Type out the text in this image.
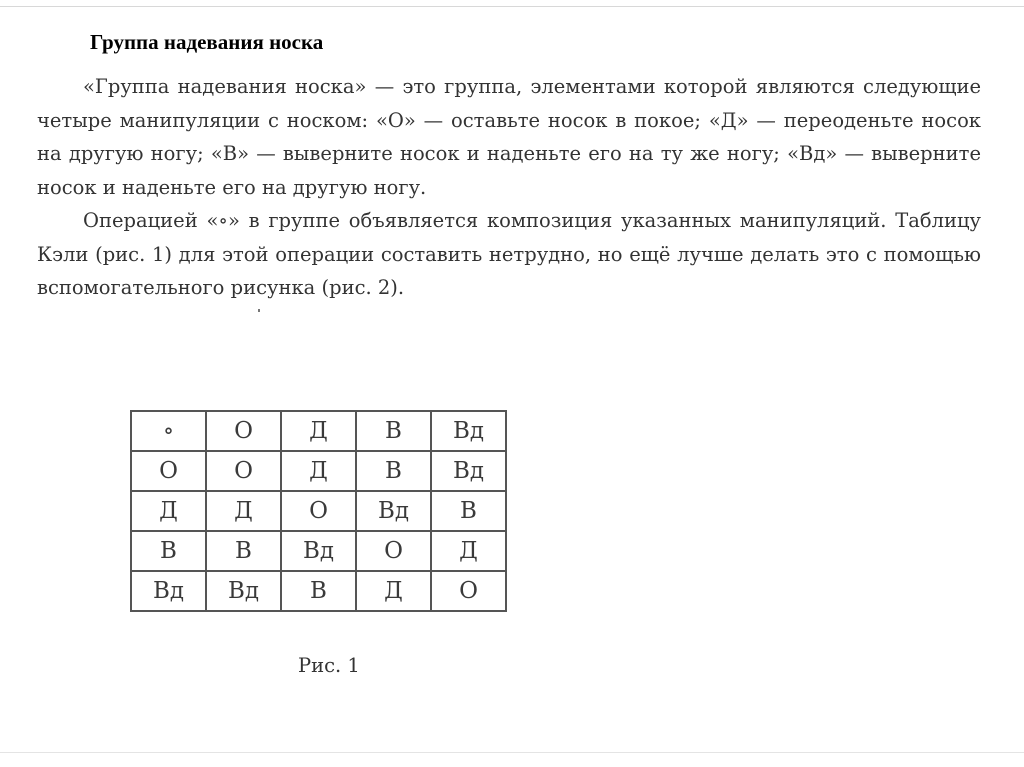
Группа надевания носка

«Группа надевания носка» — это группа, элементами которой являются следующие четыре манипуляции с носком: «О» — оставьте носок в покое; «Д» — переоденьте носок на другую ногу; «В» — выверните носок и наденьте его на ту же ногу; «Вд» — выверните носок и наденьте его на другую ногу.

Операцией «∘» в группе объявляется композиция указанных манипуляций. Таблицу Кэли (рис. 1) для этой операции составить нетрудно, но ещё лучше делать это с помощью вспомогательного рисунка (рис. 2).

∘	О	Д	В	Вд
О	О	Д	В	Вд
Д	Д	О	Вд	В
В	В	Вд	О	Д
Вд	Вд	В	Д	О
Рис. 1
